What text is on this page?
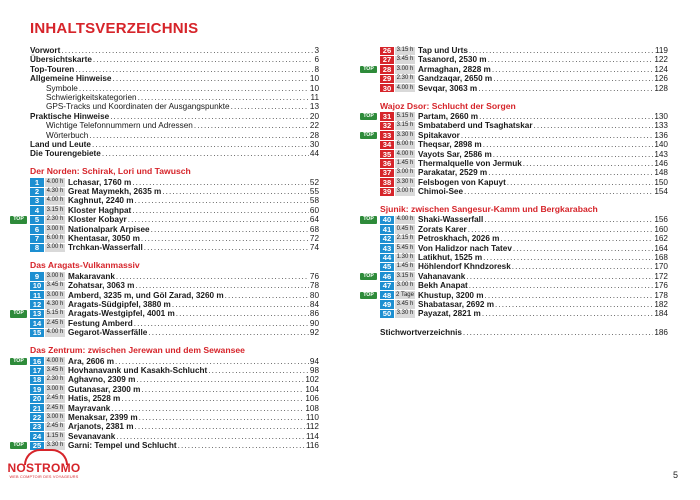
INHALTSVERZEICHNIS
Vorwort .....	3
Übersichtskarte .....	6
Top-Touren .....	8
Allgemeine Hinweise .....	10
Symbole .....	10
Schwierigkeitskategorien .....	11
GPS-Tracks und Koordinaten der Ausgangspunkte .....	13
Praktische Hinweise .....	20
Wichtige Telefonnummern und Adressen .....	22
Wörterbuch .....	28
Land und Leute .....	30
Die Tourengebiete .....	44
Der Norden: Schirak, Lori und Tawusch
1	4.00 h Lchasar, 1760 m .....	52
2	4.30 h Great Maymekh, 2635 m .....	55
3	4.00 h Kaghnut, 2240 m .....	58
4	3.15 h Kloster Haghpat .....	60
TOP	5	2.30 h Kloster Kobayr .....	64
6	3.00 h Nationalpark Arpisee .....	68
7	6.00 h Khentasar, 3050 m .....	72
8	3.00 h Trchkan-Wasserfall .....	74
Das Aragats-Vulkanmassiv
9	3.00 h Makaravank .....	76
10 3.45 h Zohatsar, 3063 m .....	78
11 3.00 h Amberd, 3235 m, und Göl Zarad, 3260 m .....	80
12 4.30 h Aragats-Südgipfel, 3880 m .....	84
TOP	13 5.15 h Aragats-Westgipfel, 4001 m .....	86
14 2.45 h Festung Amberd .....	90
15 4.00 h Gegarot-Wasserfälle .....	92
Das Zentrum: zwischen Jerewan und dem Sewansee
TOP	16 4.00 h Ara, 2606 m .....	94
17 3.45 h Hovhanavank und Kasakh-Schlucht .....	98
18 2.30 h Aghavno, 2309 m .....	102
19 3.00 h Gutanasar, 2300 m .....	104
20 2.45 h Hatis, 2528 m .....	106
21 2.45 h Mayravank .....	108
22 3.00 h Menaksar, 2399 m .....	110
23 2.45 h Arjanots, 2381 m .....	112
24 1.15 h Sevanavank .....	114
TOP	25 3.30 h Garni: Tempel und Schlucht .....	116
26 3.15 h Tap und Urts .....	119
27 3.45 h Tasanord, 2530 m .....	122
TOP	28 3.00 h Armaghan, 2828 m .....	124
29 2.30 h Gandzaqar, 2650 m .....	126
30 4.00 h Sevqar, 3063 m .....	128
Wajoz Dsor: Schlucht der Sorgen
TOP	31 5.15 h Partam, 2660 m .....	130
32 3.15 h Smbataberd und Tsaghatskar .....	133
TOP	33 3.30 h Spitakavor .....	136
34 6.00 h Theqsar, 2898 m .....	140
35 4.00 h Vayots Sar, 2586 m .....	143
36 1.45 h Thermalquelle von Jermuk .....	146
37 3.00 h Parakatar, 2529 m .....	148
38 3.30 h Felsbogen von Kapuyt .....	150
39 3.00 h Chimoi-See .....	154
Sjunik: zwischen Sangesur-Kamm und Bergkarabach
TOP	40 4.00 h Shaki-Wasserfall .....	156
41 0.45 h Zorats Karer .....	160
42 2.15 h Petroskhach, 2026 m .....	162
43 5.45 h Von Halidzor nach Tatev .....	164
44 1.30 h Latikhut, 1525 m .....	168
45 1.45 h Höhlendorf Khndzoresk .....	170
TOP	46 3.15 h Vahanavank .....	172
47 3.00 h Bekh Anapat .....	176
TOP	48 2 Tage Khustup, 3200 m .....	178
49 3.45 h Shabatasar, 2692 m .....	182
50 3.30 h Payazat, 2821 m .....	184
Stichwortverzeichnis .....	186
NOSTROMO
WEB COMPTOIR DES VOYAGEURS	5
